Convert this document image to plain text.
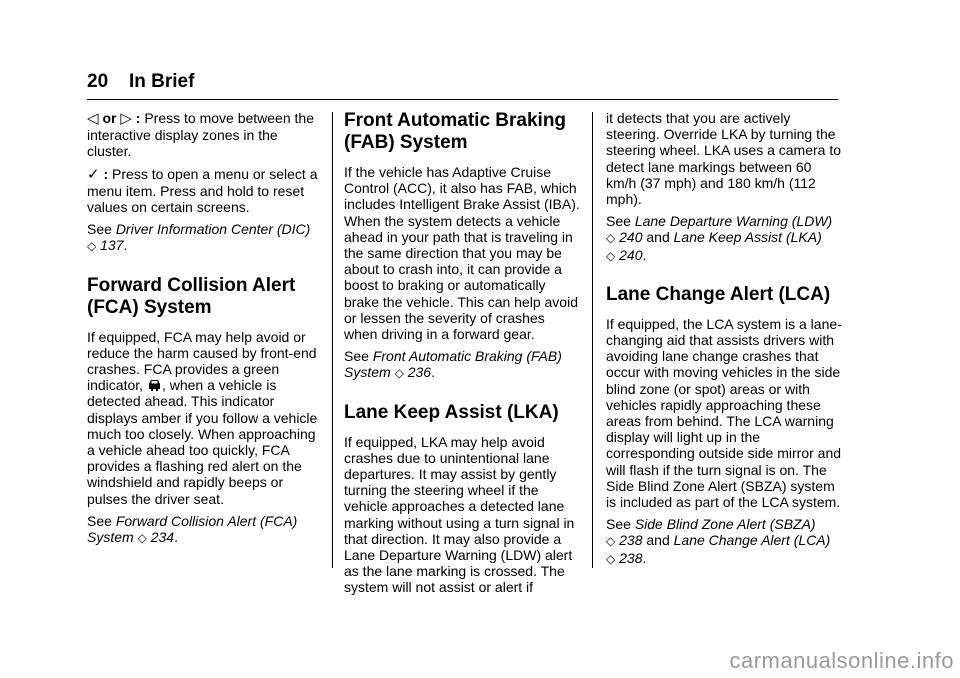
20 In Brief

◁ or ▷ : Press to move between the interactive display zones in the cluster.

✓ : Press to open a menu or select a menu item. Press and hold to reset values on certain screens.

See Driver Information Center (DIC)
◇ 137.

Forward Collision Alert
(FCA) System

If equipped, FCA may help avoid or reduce the harm caused by front-end crashes. FCA provides a green indicator, , when a vehicle is detected ahead. This indicator displays amber if you follow a vehicle much too closely. When approaching a vehicle ahead too quickly, FCA provides a flashing red alert on the windshield and rapidly beeps or pulses the driver seat.

See Forward Collision Alert (FCA) System ◇ 234.

Front Automatic Braking
(FAB) System

If the vehicle has Adaptive Cruise Control (ACC), it also has FAB, which includes Intelligent Brake Assist (IBA). When the system detects a vehicle ahead in your path that is traveling in the same direction that you may be about to crash into, it can provide a boost to braking or automatically brake the vehicle. This can help avoid or lessen the severity of crashes when driving in a forward gear.

See Front Automatic Braking (FAB) System ◇ 236.

Lane Keep Assist (LKA)

If equipped, LKA may help avoid crashes due to unintentional lane departures. It may assist by gently turning the steering wheel if the vehicle approaches a detected lane marking without using a turn signal in that direction. It may also provide a Lane Departure Warning (LDW) alert as the lane marking is crossed. The system will not assist or alert if

it detects that you are actively steering. Override LKA by turning the steering wheel. LKA uses a camera to detect lane markings between 60 km/h (37 mph) and 180 km/h (112 mph).

See Lane Departure Warning (LDW)
◇ 240 and Lane Keep Assist (LKA)
◇ 240.

Lane Change Alert (LCA)

If equipped, the LCA system is a lane-changing aid that assists drivers with avoiding lane change crashes that occur with moving vehicles in the side blind zone (or spot) areas or with vehicles rapidly approaching these areas from behind. The LCA warning display will light up in the corresponding outside side mirror and will flash if the turn signal is on. The Side Blind Zone Alert (SBZA) system is included as part of the LCA system.

See Side Blind Zone Alert (SBZA)
◇ 238 and Lane Change Alert (LCA)
◇ 238.

carmanualsonline.info
